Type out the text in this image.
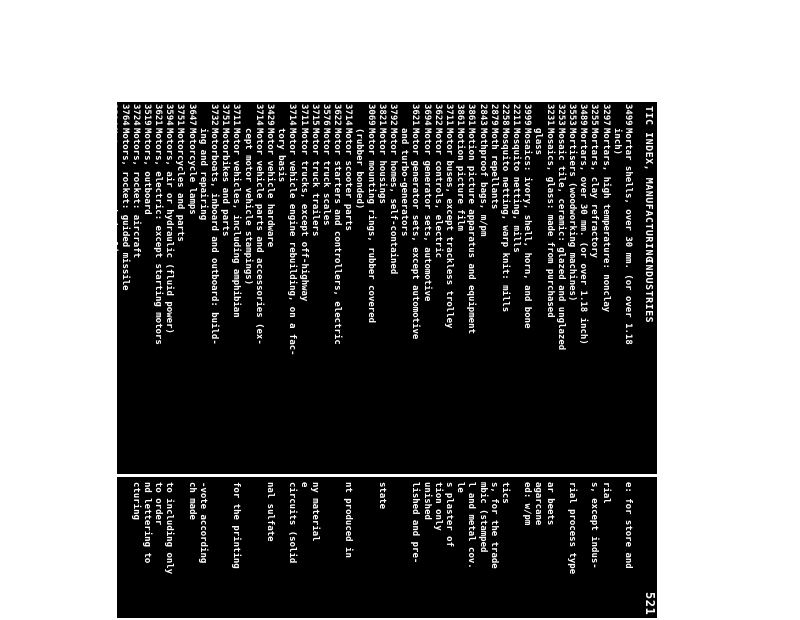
TIC INDEX, MANUFACTURING
INDUSTRIES
521
3499
Mortar shells, over 30 mm. (or over 1.18
inch)
3297
Mortars, high temperature: nonclay
3255
Mortars, clay refractory
3489
Mortars, over 30 mm. (or over 1.18 inch)
3553
Mortisers (woodworking machines)
3253
Mosaic tile, ceramic: glazed and unglazed
3231
Mosaics, glass: made from purchased
glass
3999
Mosaics: ivory, shell, horn, and bone
2211
Mosquito netting, mills
2258
Mosquito netting, warp knit: mills
2879
Moth repellants
2843
Mothproof bags, m/pm
3861
Motion picture apparatus and equipment
3861
Motion picture film
3711
Motor buses, except trackless trolley
3622
Motor controls, electric
3694
Motor generator sets, automotive
3621
Motor generator sets, except automotive
and turbo-generators
3792
Motor homes, self-contained
3821
Motor housings
3069
Motor mounting rings, rubber covered
(rubber bonded)
3714
Motor scooter parts
3622
Motor starters and controllers, electric
3576
Motor truck scales
3715
Motor truck trailers
3711
Motor trucks, except off-highway
3714
Motor vehicle engine rebuilding, on a fac-
tory basis
3429
Motor vehicle hardware
3714
Motor vehicle parts and accessories (ex-
cept motor vehicle stampings)
3711
Motor vehicles, including amphibian
3751
Motorbikes and parts
3732
Motorboats, inboard and outboard: build-
ing and repairing
3647
Motorcycle lamps
3751
Motorcycles and parts
3594
Motors, air or hydraulic (fluid power)
3621
Motors, electric: except starting motors
3519
Motors, outboard
3724
Motors, rocket: aircraft
3764
Motors, rocket: guided missile
3594
Motors, servo: hydraulic
3694
Motors, starting: automotive and aircraft
3569
Motors, water
3961
Mounting beads on for neckpieces
2789
Mounting of maps and samples, for the
trade
e: for store and
rial
s, except indus-
rial process type
ar beets
agarcane
ed: w/pm
tics
s, for the trade
mbic (stamped
l and metal cov.
le
s plaster of
tion only
unished
lished and pre-
state
nt produced in
ny material
e
circuits (solid
nal sulfate
for the printing
-vote according
ch made
to including only
to order
nd lettering to
cturing
